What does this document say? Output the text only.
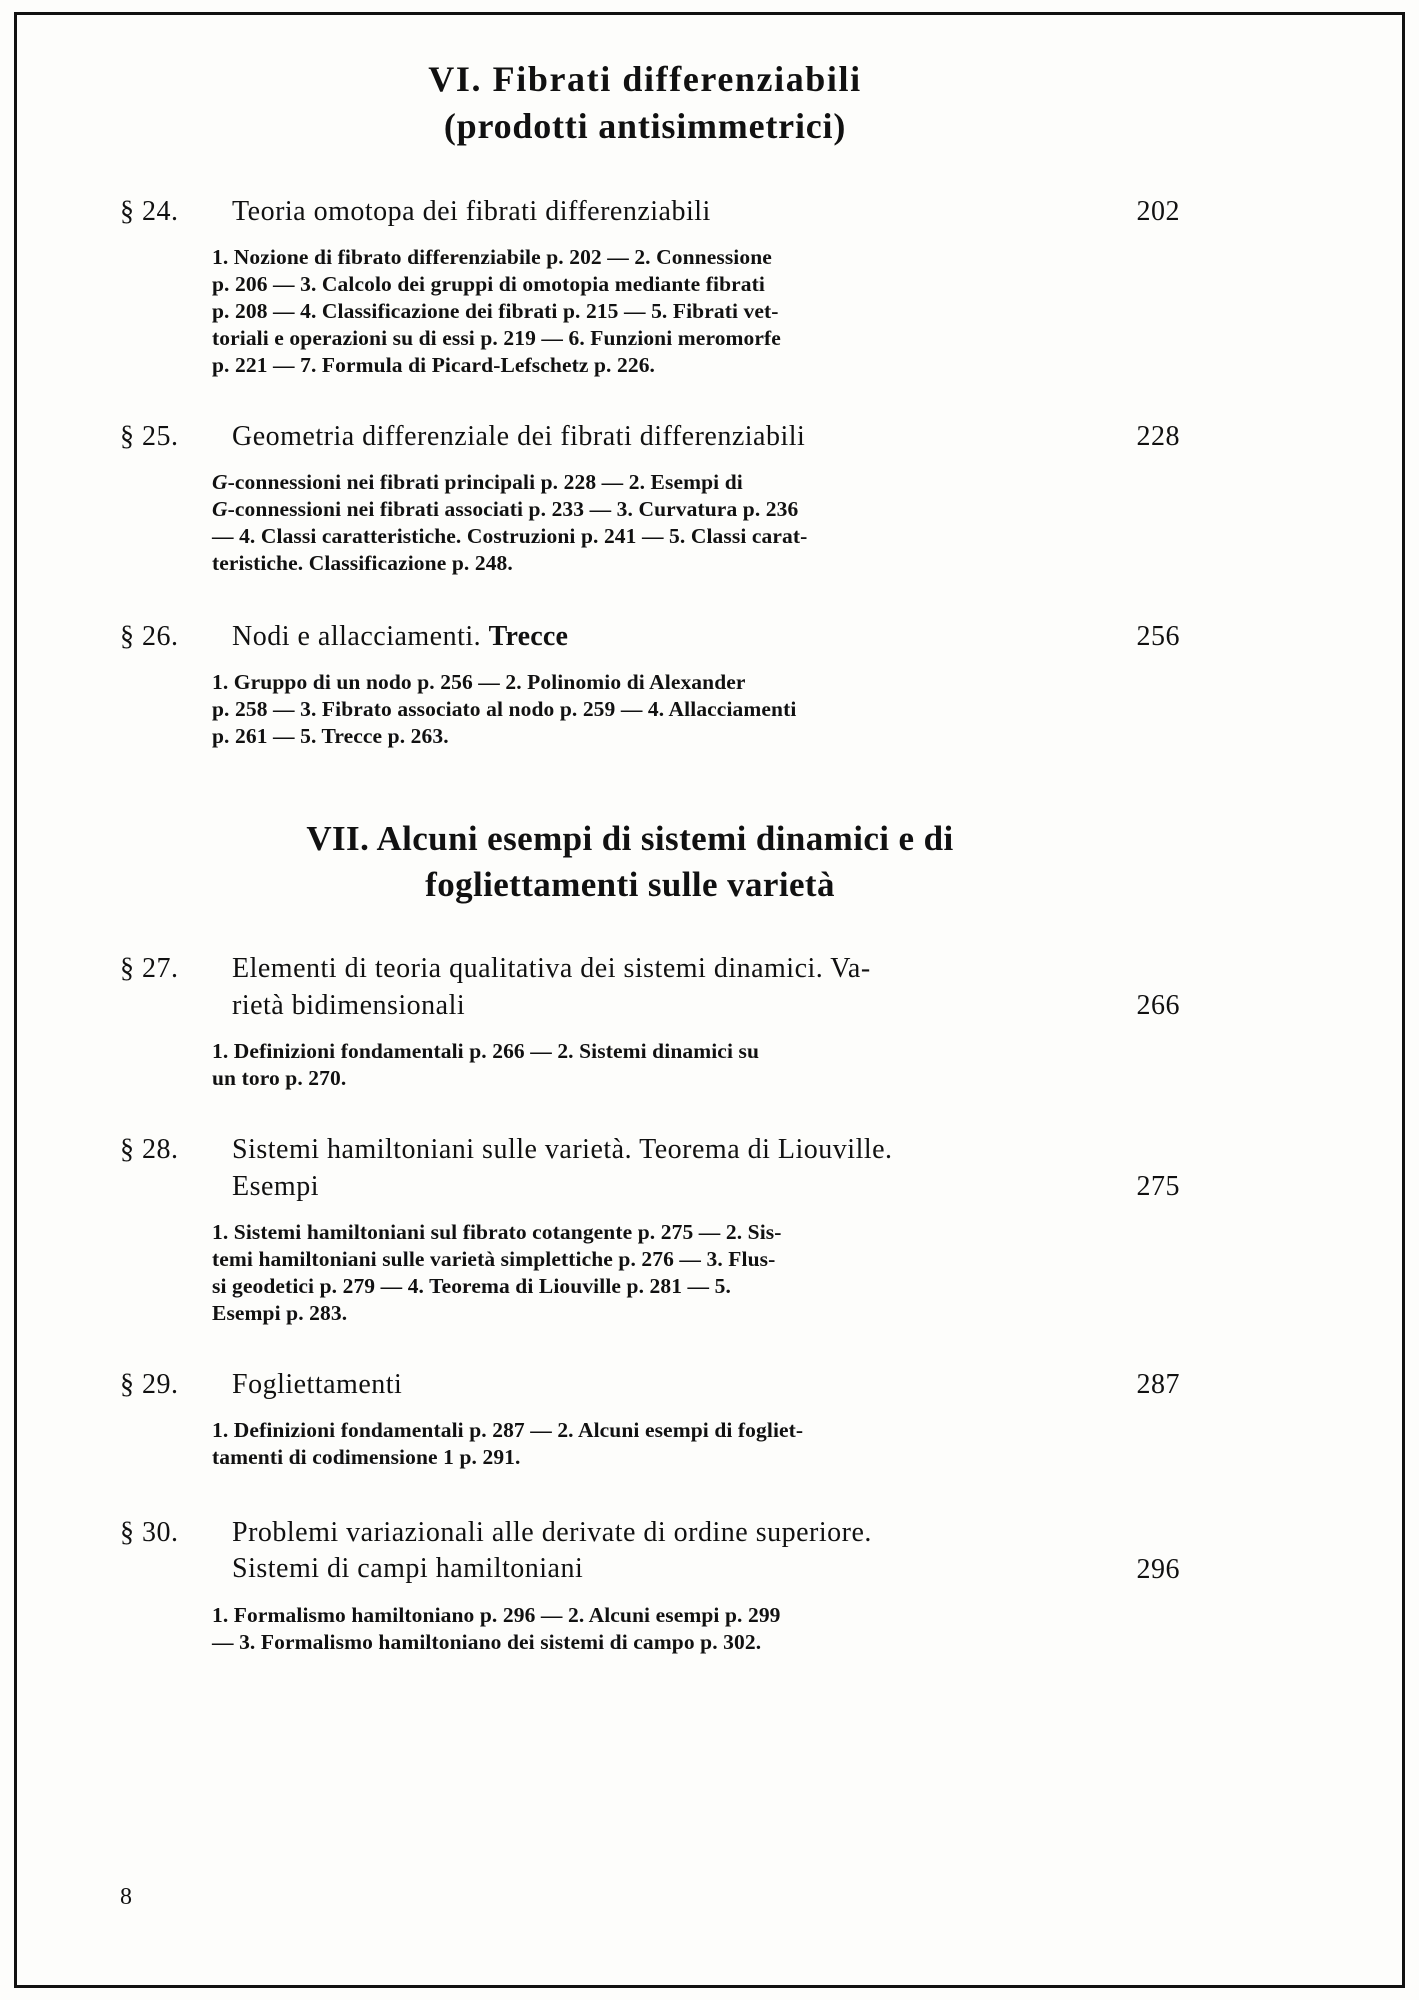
VI. Fibrati differenziabili
(prodotti antisimmetrici)
§ 24.	Teoria omotopa dei fibrati differenziabili	202
1. Nozione di fibrato differenziabile p. 202 — 2. Connessione
p. 206 — 3. Calcolo dei gruppi di omotopia mediante fibrati
p. 208 — 4. Classificazione dei fibrati p. 215 — 5. Fibrati vet-
toriali e operazioni su di essi p. 219 — 6. Funzioni meromorfe
p. 221 — 7. Formula di Picard-Lefschetz p. 226.
§ 25.	Geometria differenziale dei fibrati differenziabili	228
G-connessioni nei fibrati principali p. 228 — 2. Esempi di
G-connessioni nei fibrati associati p. 233 — 3. Curvatura p. 236
— 4. Classi caratteristiche. Costruzioni p. 241 — 5. Classi carat-
teristiche. Classificazione p. 248.
§ 26.	Nodi e allacciamenti. Trecce	256
1. Gruppo di un nodo p. 256 — 2. Polinomio di Alexander
p. 258 — 3. Fibrato associato al nodo p. 259 — 4. Allacciamenti
p. 261 — 5. Trecce p. 263.
VII. Alcuni esempi di sistemi dinamici e di
fogliettamenti sulle varietà
§ 27.	Elementi di teoria qualitativa dei sistemi dinamici. Va-
rietà bidimensionali	266
1. Definizioni fondamentali p. 266 — 2. Sistemi dinamici su
un toro p. 270.
§ 28.	Sistemi hamiltoniani sulle varietà. Teorema di Liouville.
Esempi	275
1. Sistemi hamiltoniani sul fibrato cotangente p. 275 — 2. Sis-
temi hamiltoniani sulle varietà simplettiche p. 276 — 3. Flus-
si geodetici p. 279 — 4. Teorema di Liouville p. 281 — 5.
Esempi p. 283.
§ 29.	Fogliettamenti	287
1. Definizioni fondamentali p. 287 — 2. Alcuni esempi di fogliet-
tamenti di codimensione 1 p. 291.
§ 30.	Problemi variazionali alle derivate di ordine superiore.
Sistemi di campi hamiltoniani	296
1. Formalismo hamiltoniano p. 296 — 2. Alcuni esempi p. 299
— 3. Formalismo hamiltoniano dei sistemi di campo p. 302.
8
